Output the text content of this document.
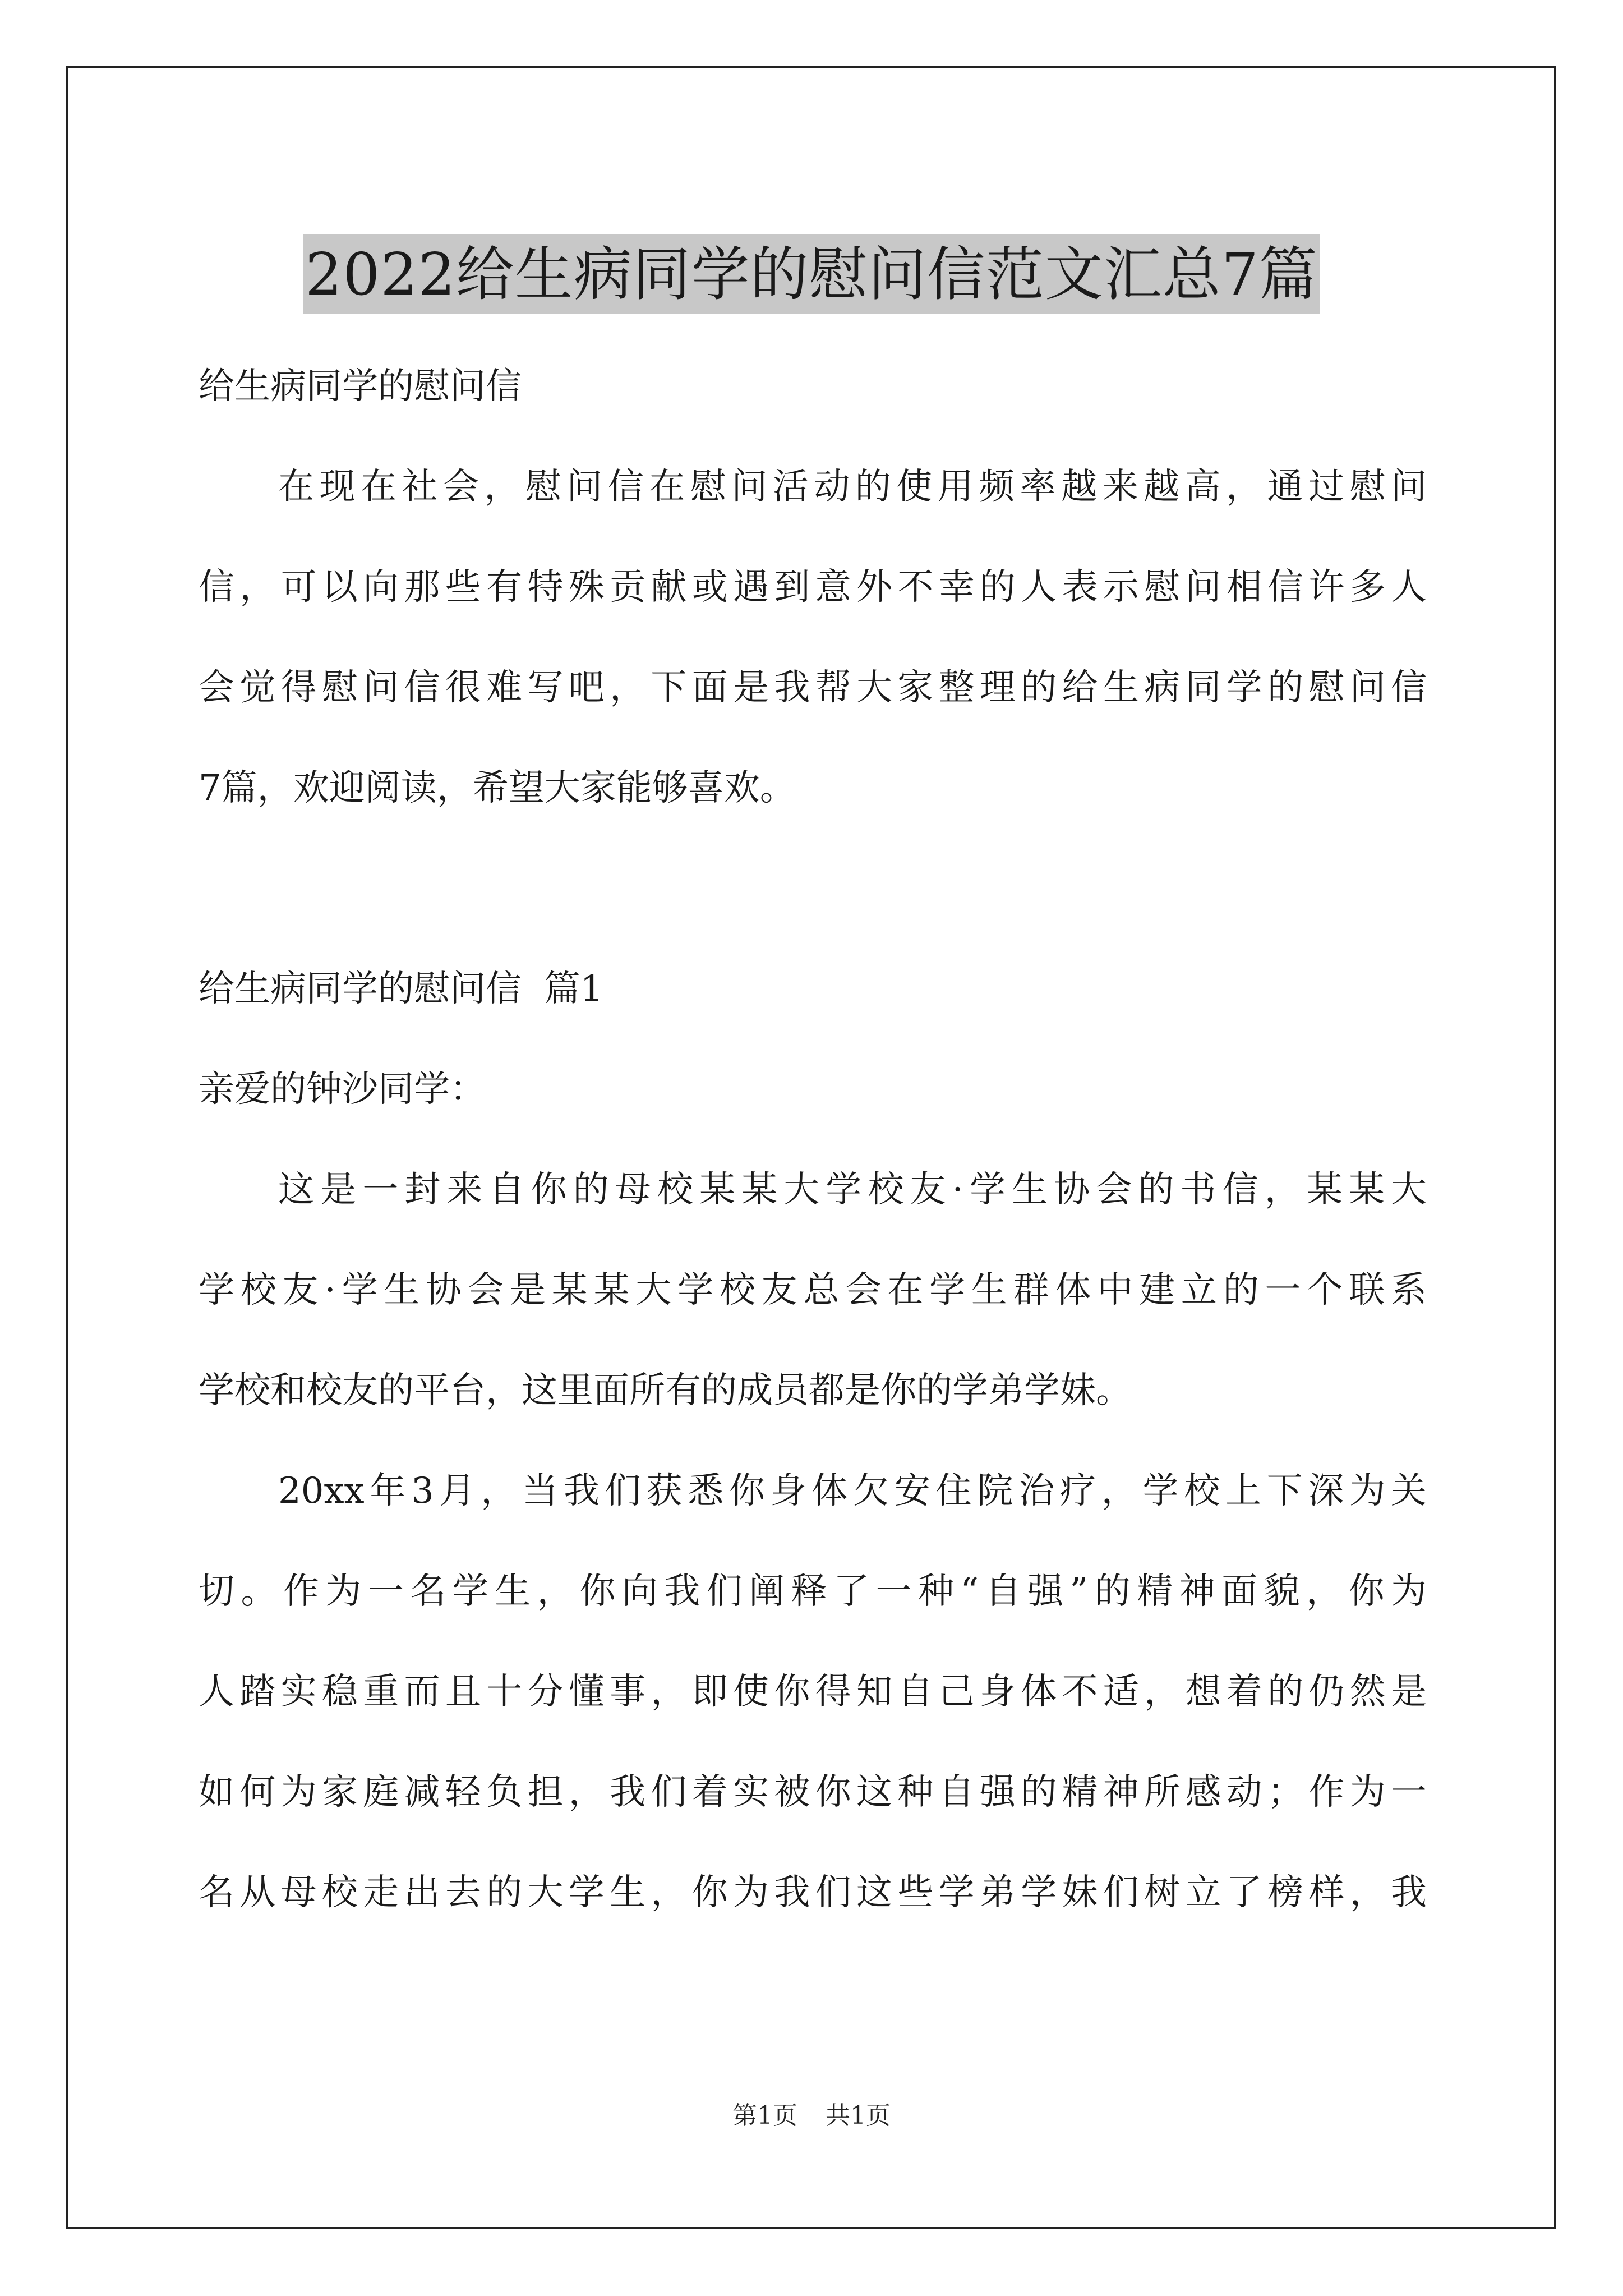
2022给生病同学的慰问信范文汇总7篇

给生病同学的慰问信

在现在社会，慰问信在慰问活动的使用频率越来越高，通过慰问

信，可以向那些有特殊贡献或遇到意外不幸的人表示慰问相信许多人

会觉得慰问信很难写吧，下面是我帮大家整理的给生病同学的慰问信

7篇，欢迎阅读，希望大家能够喜欢。

给生病同学的慰问信  篇1

亲爱的钟沙同学：

这是一封来自你的母校某某大学校友·学生协会的书信，某某大

学校友·学生协会是某某大学校友总会在学生群体中建立的一个联系

学校和校友的平台，这里面所有的成员都是你的学弟学妹。

20xx年3月，当我们获悉你身体欠安住院治疗，学校上下深为关

切。作为一名学生，你向我们阐释了一种“自强”的精神面貌，你为

人踏实稳重而且十分懂事，即使你得知自己身体不适，想着的仍然是

如何为家庭减轻负担，我们着实被你这种自强的精神所感动；作为一

名从母校走出去的大学生，你为我们这些学弟学妹们树立了榜样，我

第1页 共1页
